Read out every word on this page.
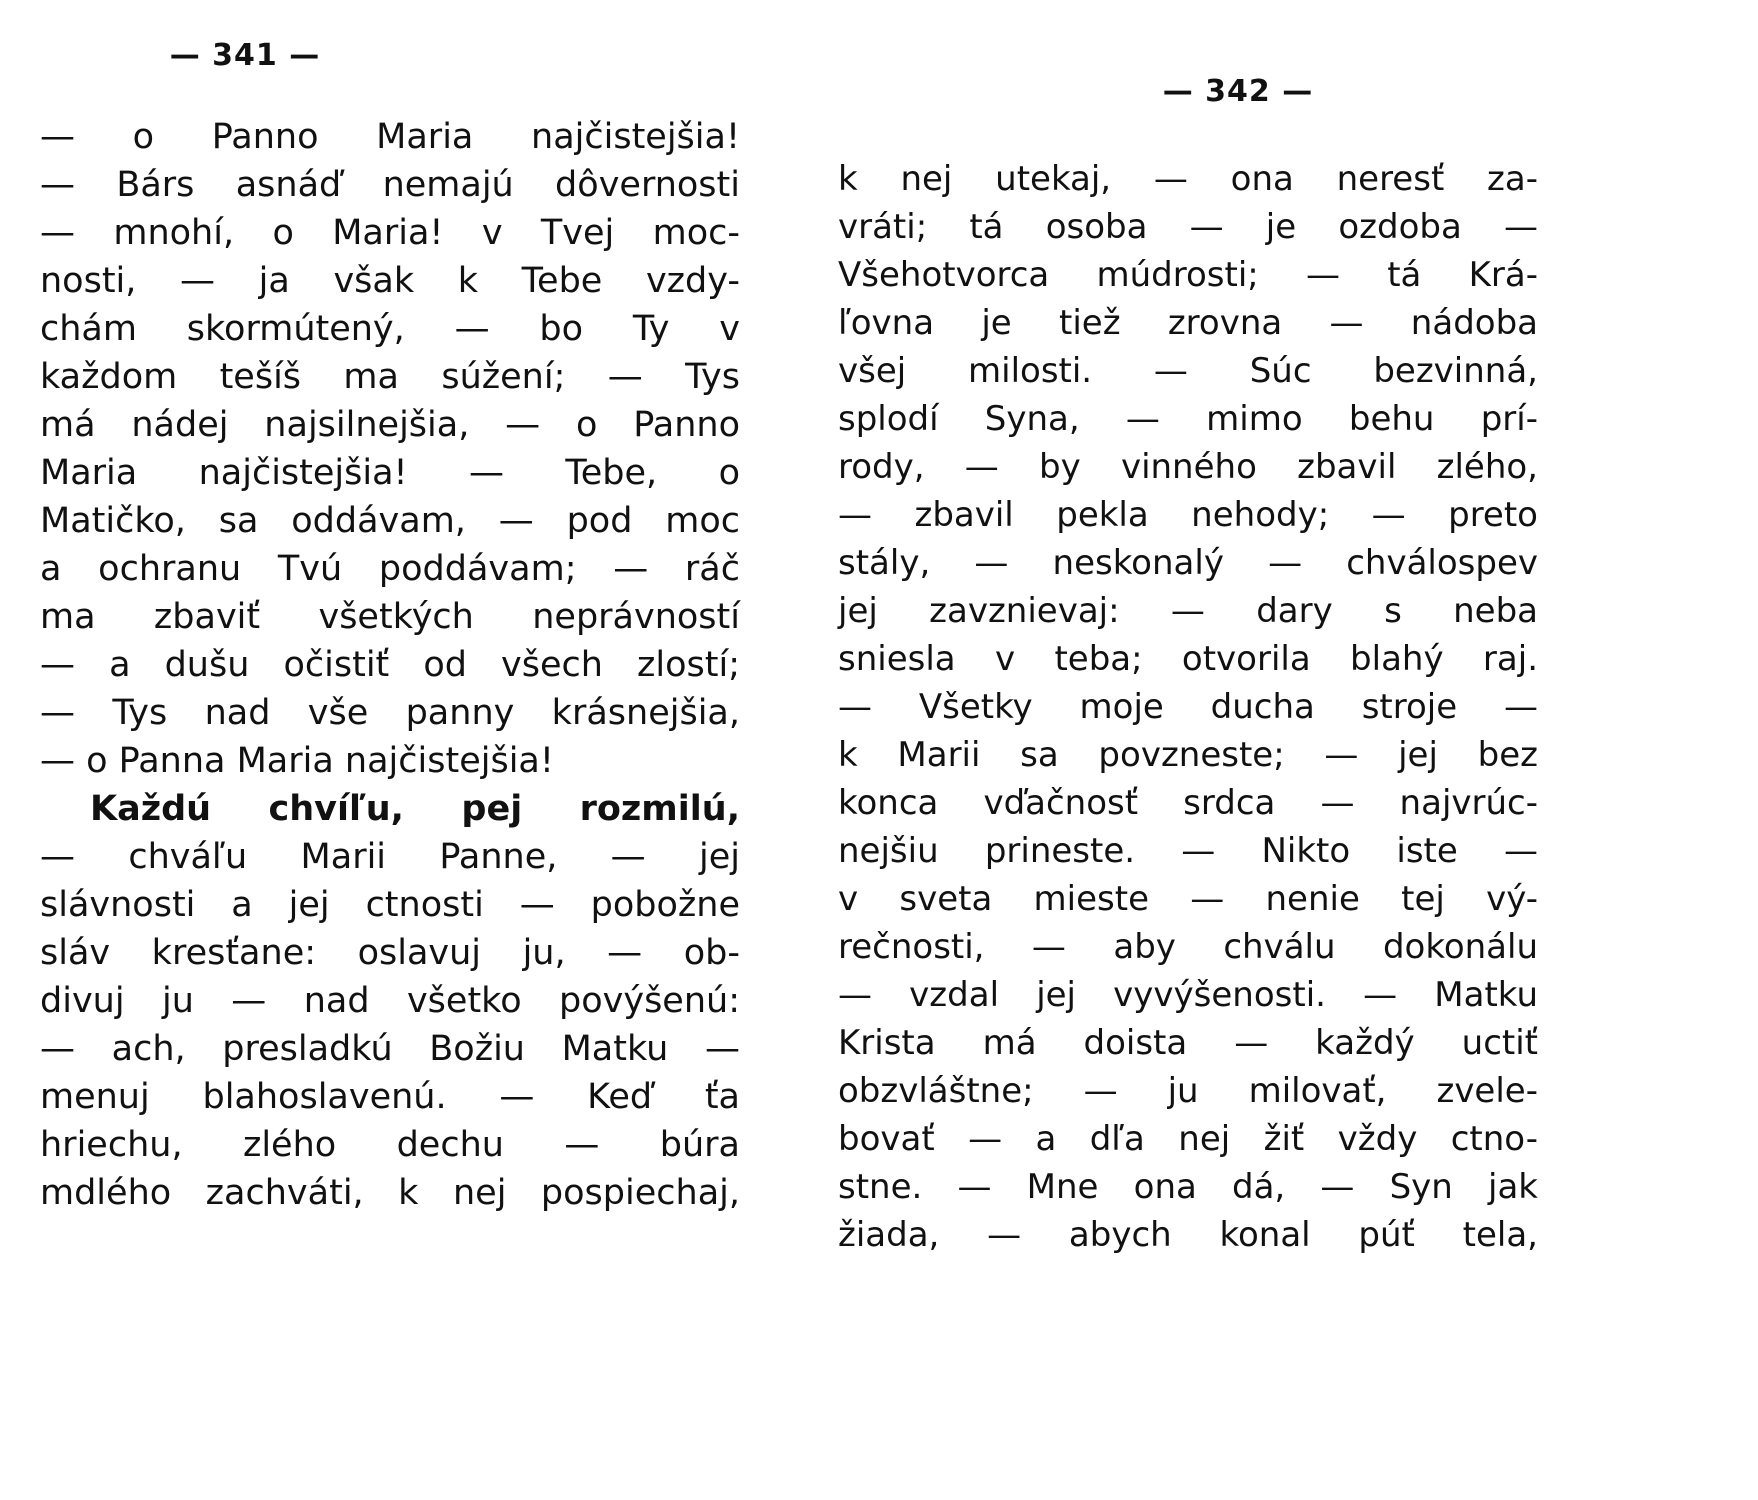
— 341 —
— o Panno Maria najčistejšia!
— Bárs asnáď nemajú dôvernosti
— mnohí, o Maria! v Tvej moc-
nosti, — ja však k Tebe vzdy-
chám skormútený, — bo Ty v
každom tešíš ma súžení; — Tys
má nádej najsilnejšia, — o Panno
Maria najčistejšia! — Tebe, o
Matičko, sa oddávam, — pod moc
a ochranu Tvú poddávam; — ráč
ma zbaviť všetkých neprávností
— a dušu očistiť od všech zlostí;
— Tys nad vše panny krásnejšia,
— o Panna Maria najčistejšia!
Každú chvíľu, pej rozmilú,
— chváľu Marii Panne, — jej
slávnosti a jej ctnosti — pobožne
sláv kresťane: oslavuj ju, — ob-
divuj ju — nad všetko povýšenú:
— ach, presladkú Božiu Matku —
menuj blahoslavenú. — Keď ťa
hriechu, zlého dechu — búra
mdlého zachváti, k nej pospiechaj,
— 342 —
k nej utekaj, — ona neresť za-
vráti; tá osoba — je ozdoba —
Všehotvorca múdrosti; — tá Krá-
ľovna je tiež zrovna — nádoba
všej milosti. — Súc bezvinná,
splodí Syna, — mimo behu prí-
rody, — by vinného zbavil zlého,
— zbavil pekla nehody; — preto
stály, — neskonalý — chválospev
jej zavznievaj: — dary s neba
sniesla v teba; otvorila blahý raj.
— Všetky moje ducha stroje —
k Marii sa povzneste; — jej bez
konca vďačnosť srdca — najvrúc-
nejšiu prineste. — Nikto iste —
v sveta mieste — nenie tej vý-
rečnosti, — aby chválu dokonálu
— vzdal jej vyvýšenosti. — Matku
Krista má doista — každý uctiť
obzvláštne; — ju milovať, zvele-
bovať — a dľa nej žiť vždy ctno-
stne. — Mne ona dá, — Syn jak
žiada, — abych konal púť tela,
